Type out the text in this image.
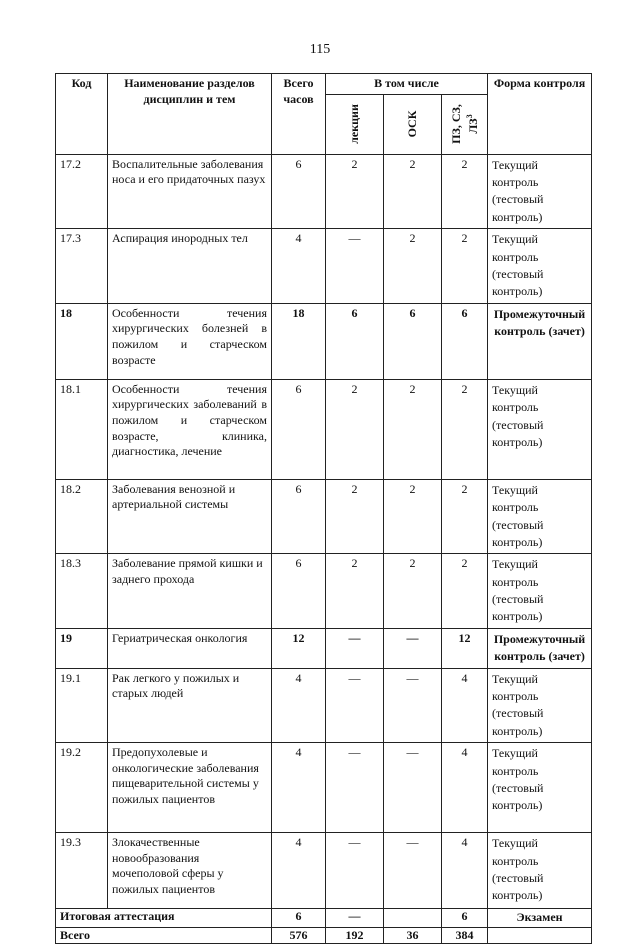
115
Код	Наименование разделов дисциплин и тем	Всего часов	В том числе			Форма контроля

			лекции	ОСК	ПЗ, СЗ, $ЛЗ^3$

17.2	Воспалительные заболевания носа и его придаточных пазух	6	2	2	2	Текущий контроль (тестовый контроль)
17.3	Аспирация инородных тел	4	—	2	2	Текущий контроль (тестовый контроль)
18	Особенности течения хирургических болезней в пожилом и старческом возрасте	18	6	6	6	Промежуточный контроль (зачет)
18.1	Особенности течения хирургических заболеваний в пожилом и старческом возрасте, клиника, диагностика, лечение	6	2	2	2	Текущий контроль (тестовый контроль)
18.2	Заболевания венозной и артериальной системы	6	2	2	2	Текущий контроль (тестовый контроль)
18.3	Заболевание прямой кишки и заднего прохода	6	2	2	2	Текущий контроль (тестовый контроль)
19	Гериатрическая онкология	12	—	—	12	Промежуточный контроль (зачет)
19.1	Рак легкого у пожилых и старых людей	4	—	—	4	Текущий контроль (тестовый контроль)
19.2	Предопухолевые и онкологические заболевания пищеварительной системы у пожилых пациентов	4	—	—	4	Текущий контроль (тестовый контроль)
19.3	Злокачественные новообразования мочеполовой сферы у пожилых пациентов	4	—	—	4	Текущий контроль (тестовый контроль)
Итоговая аттестация		6	—		6	Экзамен
Всего		576	192	36	384	
